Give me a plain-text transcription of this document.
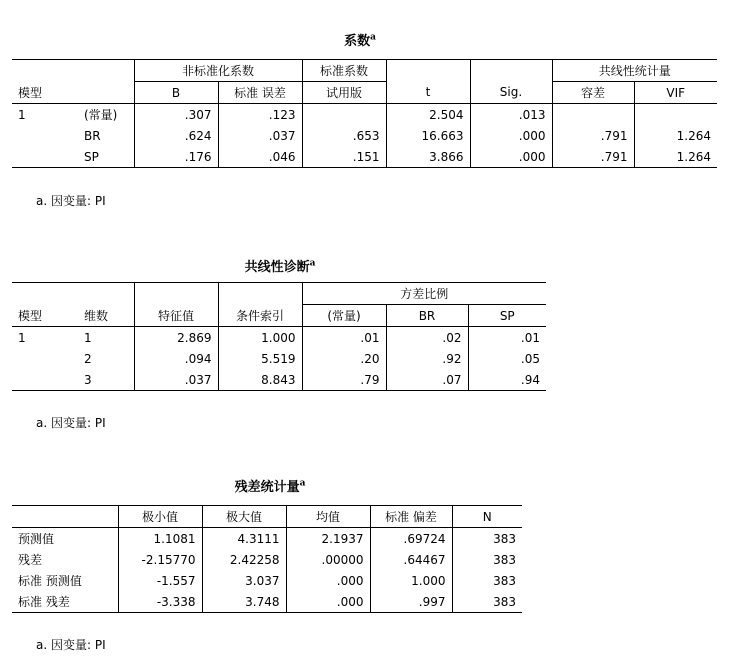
系数$^a$
		非标准化系数		标准系数			共线性统计量	
模型		B	标准 误差	试用版	t	Sig.	容差	VIF
1	(常量)	.307	.123		2.504	.013		
	BR	.624	.037	.653	16.663	.000	.791	1.264
	SP	.176	.046	.151	3.866	.000	.791	1.264
a. 因变量: PI
共线性诊断$^a$
				方差比例		
模型	维数	特征值	条件索引	(常量)	BR	SP
1	1	2.869	1.000	.01	.02	.01
	2	.094	5.519	.20	.92	.05
	3	.037	8.843	.79	.07	.94
a. 因变量: PI
残差统计量$^a$
	极小值	极大值	均值	标准 偏差	N
预测值	1.1081	4.3111	2.1937	.69724	383
残差	-2.15770	2.42258	.00000	.64467	383
标准 预测值	-1.557	3.037	.000	1.000	383
标准 残差	-3.338	3.748	.000	.997	383
a. 因变量: PI
